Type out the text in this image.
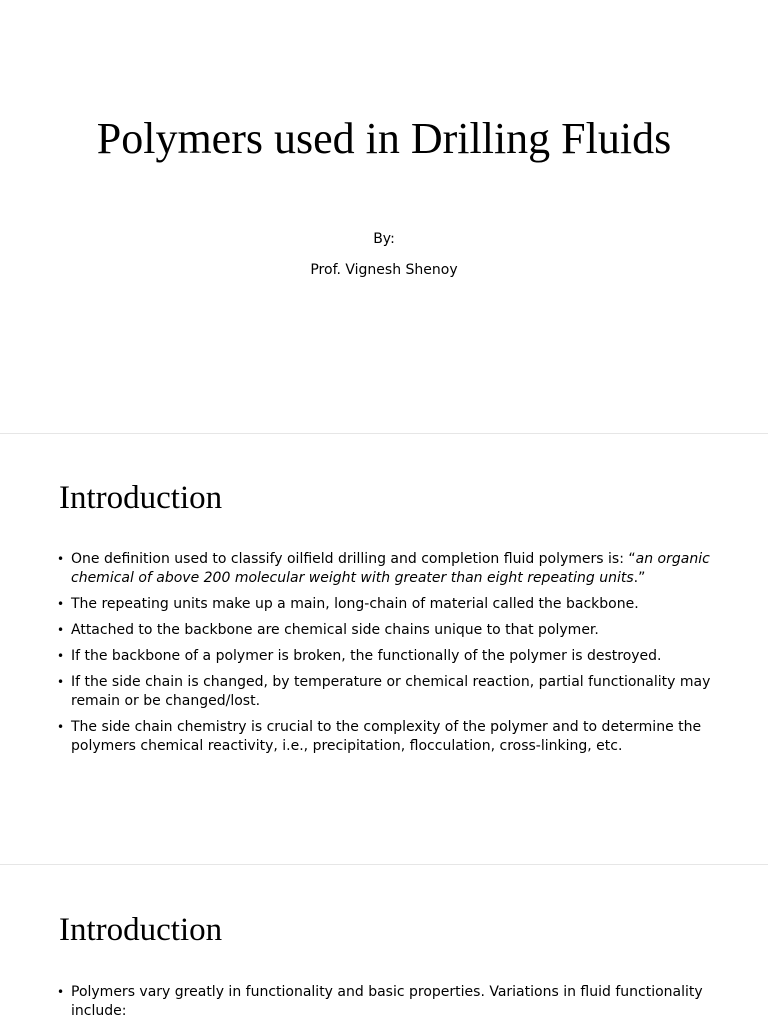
Polymers used in Drilling Fluids
By:
Prof. Vignesh Shenoy
Introduction
• One definition used to classify oilfield drilling and completion fluid polymers is: “an organic chemical of above 200 molecular weight with greater than eight repeating units.”
• The repeating units make up a main, long-chain of material called the backbone.
• Attached to the backbone are chemical side chains unique to that polymer.
• If the backbone of a polymer is broken, the functionally of the polymer is destroyed.
• If the side chain is changed, by temperature or chemical reaction, partial functionality may remain or be changed/lost.
• The side chain chemistry is crucial to the complexity of the polymer and to determine the polymers chemical reactivity, i.e., precipitation, flocculation, cross-linking, etc.
Introduction
• Polymers vary greatly in functionality and basic properties. Variations in fluid functionality include:
